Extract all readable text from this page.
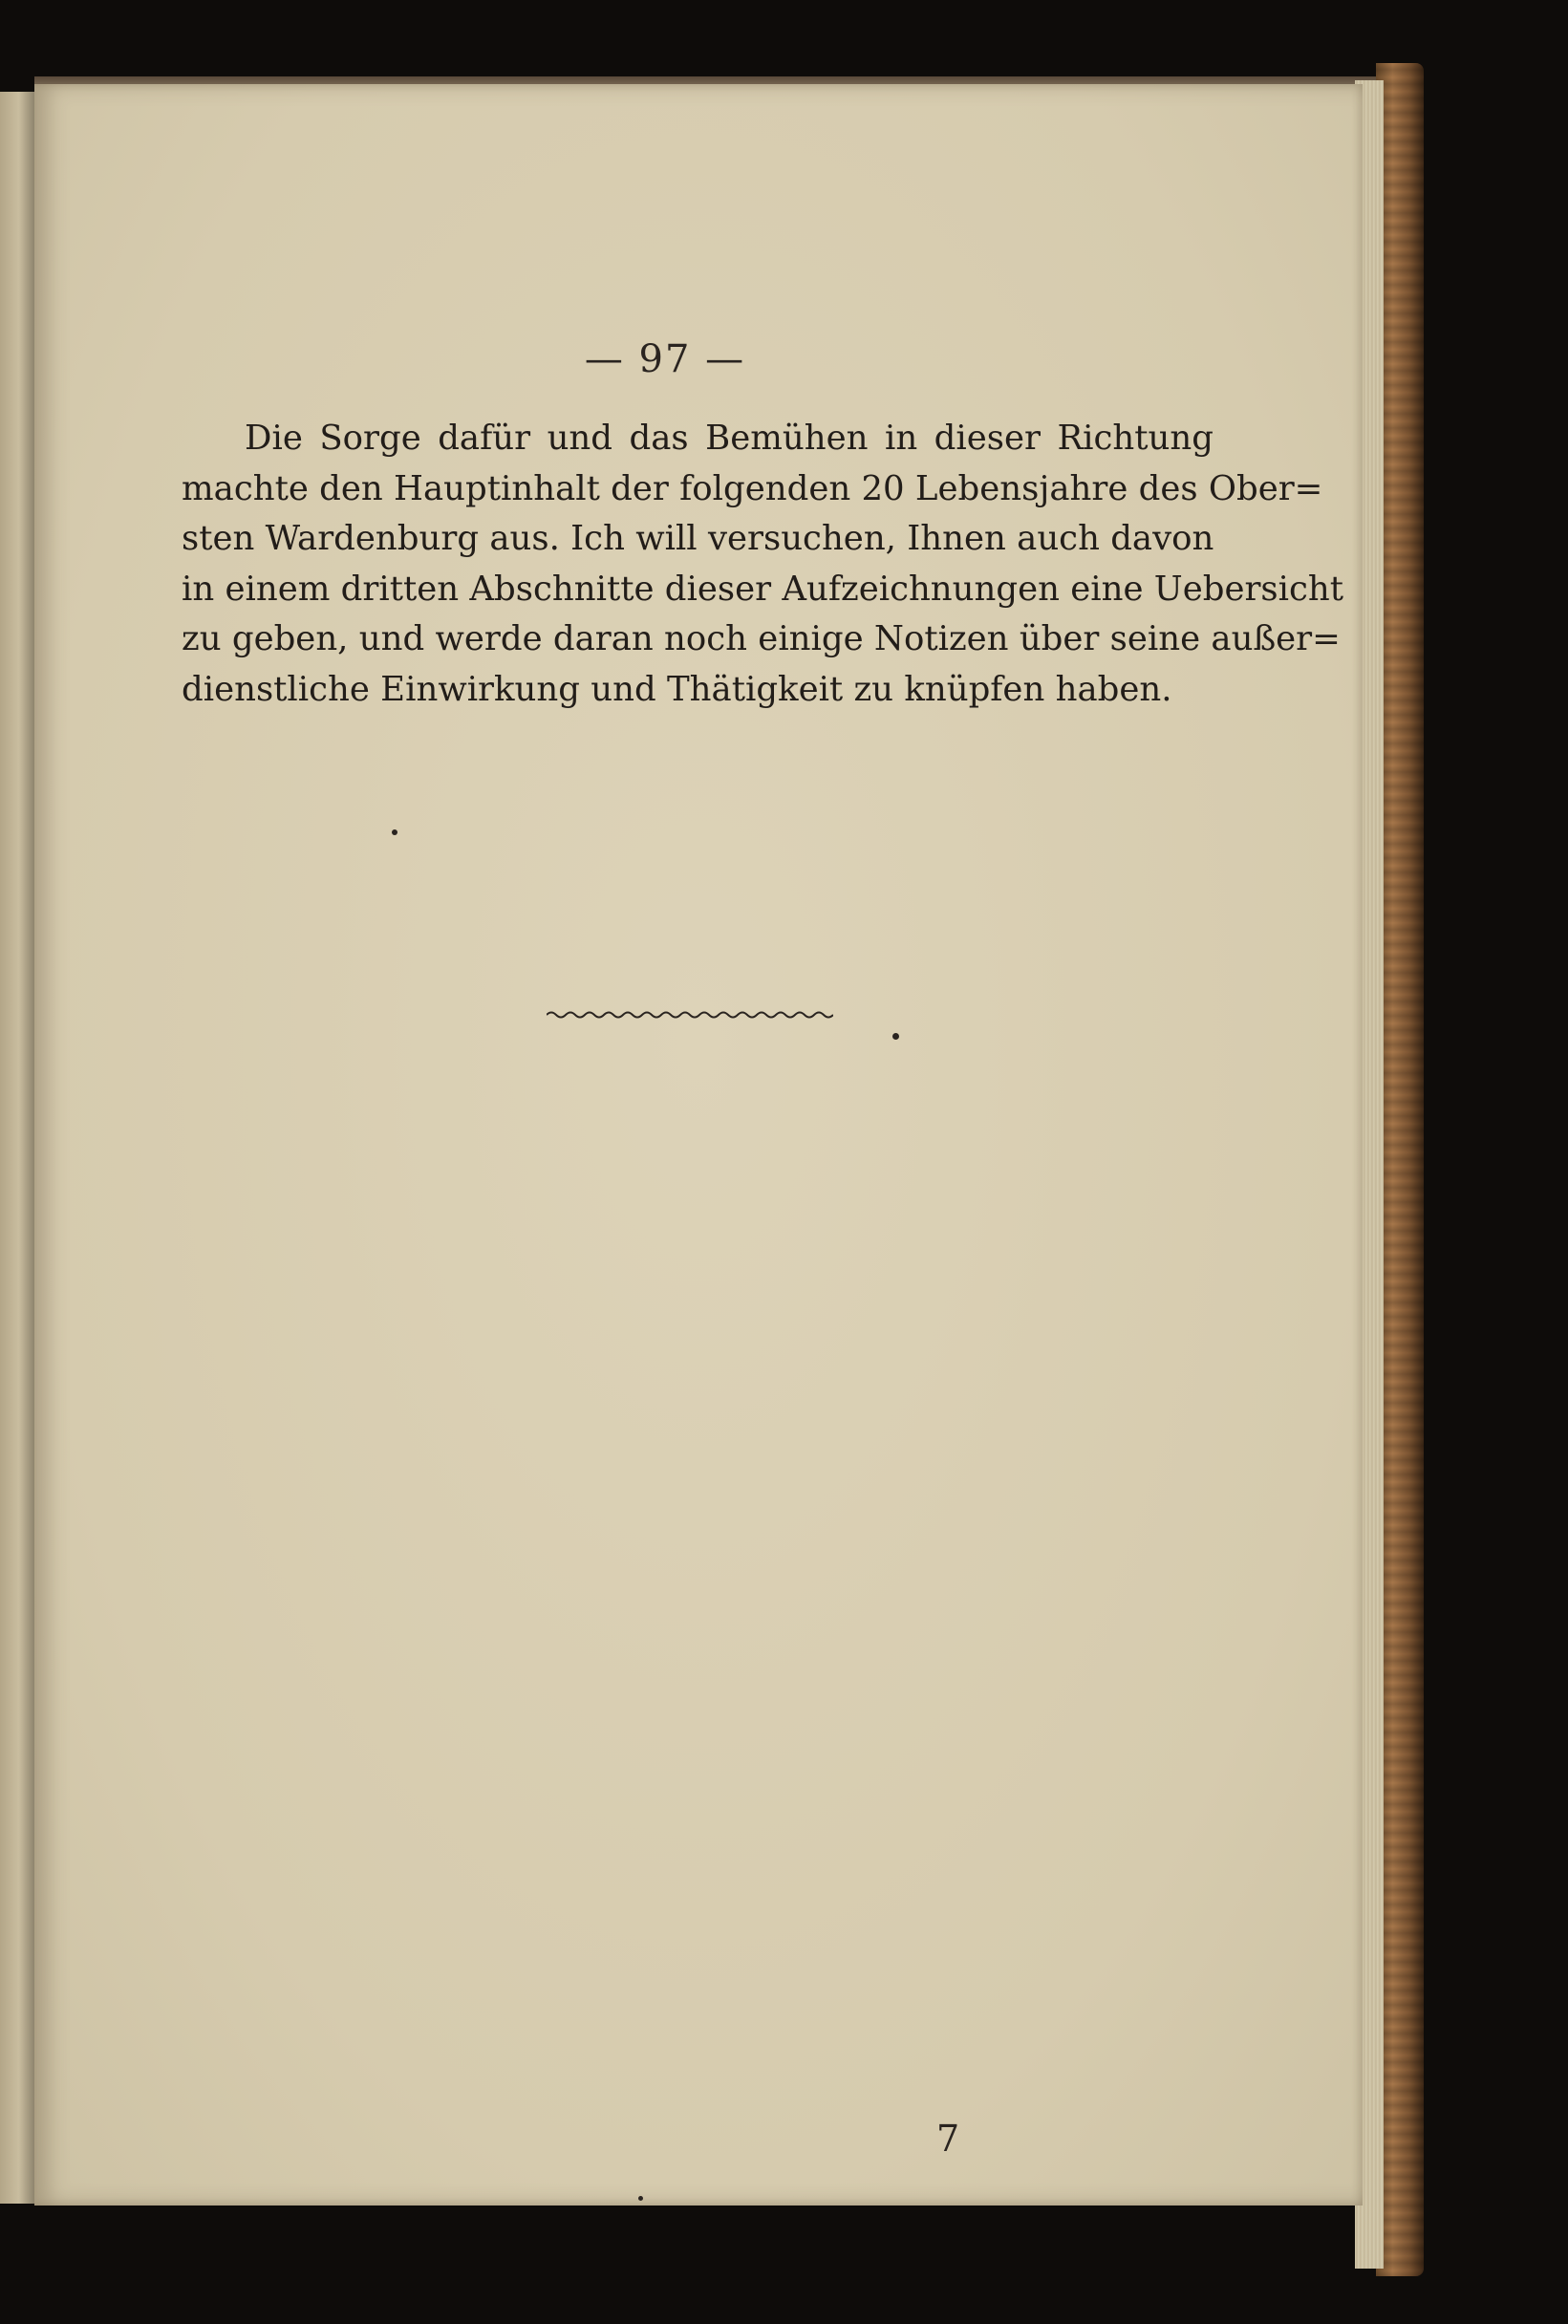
— 97 —

Die Sorge dafür und das Bemühen in dieser Richtung
machte den Hauptinhalt der folgenden 20 Lebensjahre des Ober=
sten Wardenburg aus. Ich will versuchen, Ihnen auch davon
in einem dritten Abschnitte dieser Aufzeichnungen eine Uebersicht
zu geben, und werde daran noch einige Notizen über seine außer=
dienstliche Einwirkung und Thätigkeit zu knüpfen haben.

7
